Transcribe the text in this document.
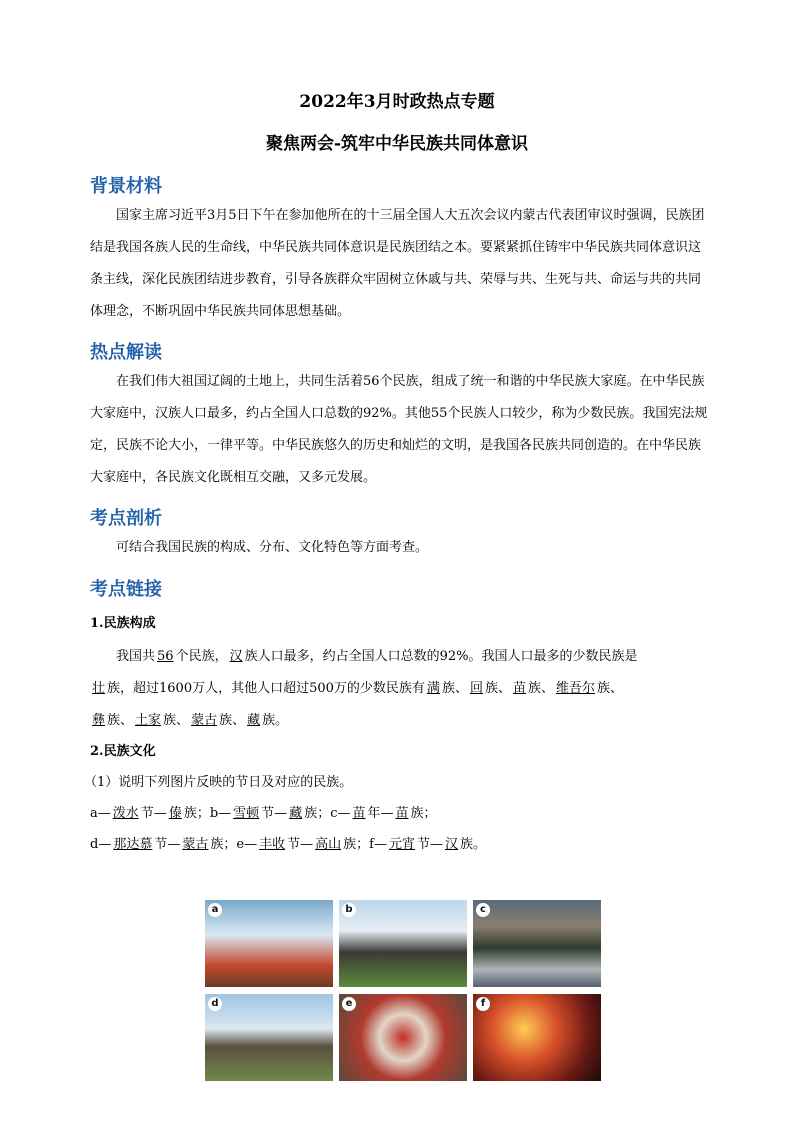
2022年3月时政热点专题
聚焦两会-筑牢中华民族共同体意识
背景材料

国家主席习近平3月5日下午在参加他所在的十三届全国人大五次会议内蒙古代表团审议时强调，民族团结是我国各族人民的生命线，中华民族共同体意识是民族团结之本。要紧紧抓住铸牢中华民族共同体意识这条主线，深化民族团结进步教育，引导各族群众牢固树立休戚与共、荣辱与共、生死与共、命运与共的共同体理念，不断巩固中华民族共同体思想基础。

热点解读

在我们伟大祖国辽阔的土地上，共同生活着56个民族，组成了统一和谐的中华民族大家庭。在中华民族大家庭中，汉族人口最多，约占全国人口总数的92%。其他55个民族人口较少，称为少数民族。我国宪法规定，民族不论大小，一律平等。中华民族悠久的历史和灿烂的文明，是我国各民族共同创造的。在中华民族大家庭中，各民族文化既相互交融，又多元发展。

考点剖析

可结合我国民族的构成、分布、文化特色等方面考查。

考点链接
1.民族构成
我国共 56 个民族， 汉 族人口最多，约占全国人口总数的92%。我国人口最多的少数民族是
壮 族，超过1600万人，其他人口超过500万的少数民族有 满 族、 回 族、 苗 族、 维吾尔 族、
彝 族、 土家 族、 蒙古 族、 藏 族。
2.民族文化
（1）说明下列图片反映的节日及对应的民族。
a— 泼水 节— 傣 族；b— 雪顿 节— 藏 族；c— 苗 年— 苗 族；
d— 那达慕 节— 蒙古 族；e— 丰收 节— 高山 族；f— 元宵 节— 汉 族。
a	b	c
d	e	f
